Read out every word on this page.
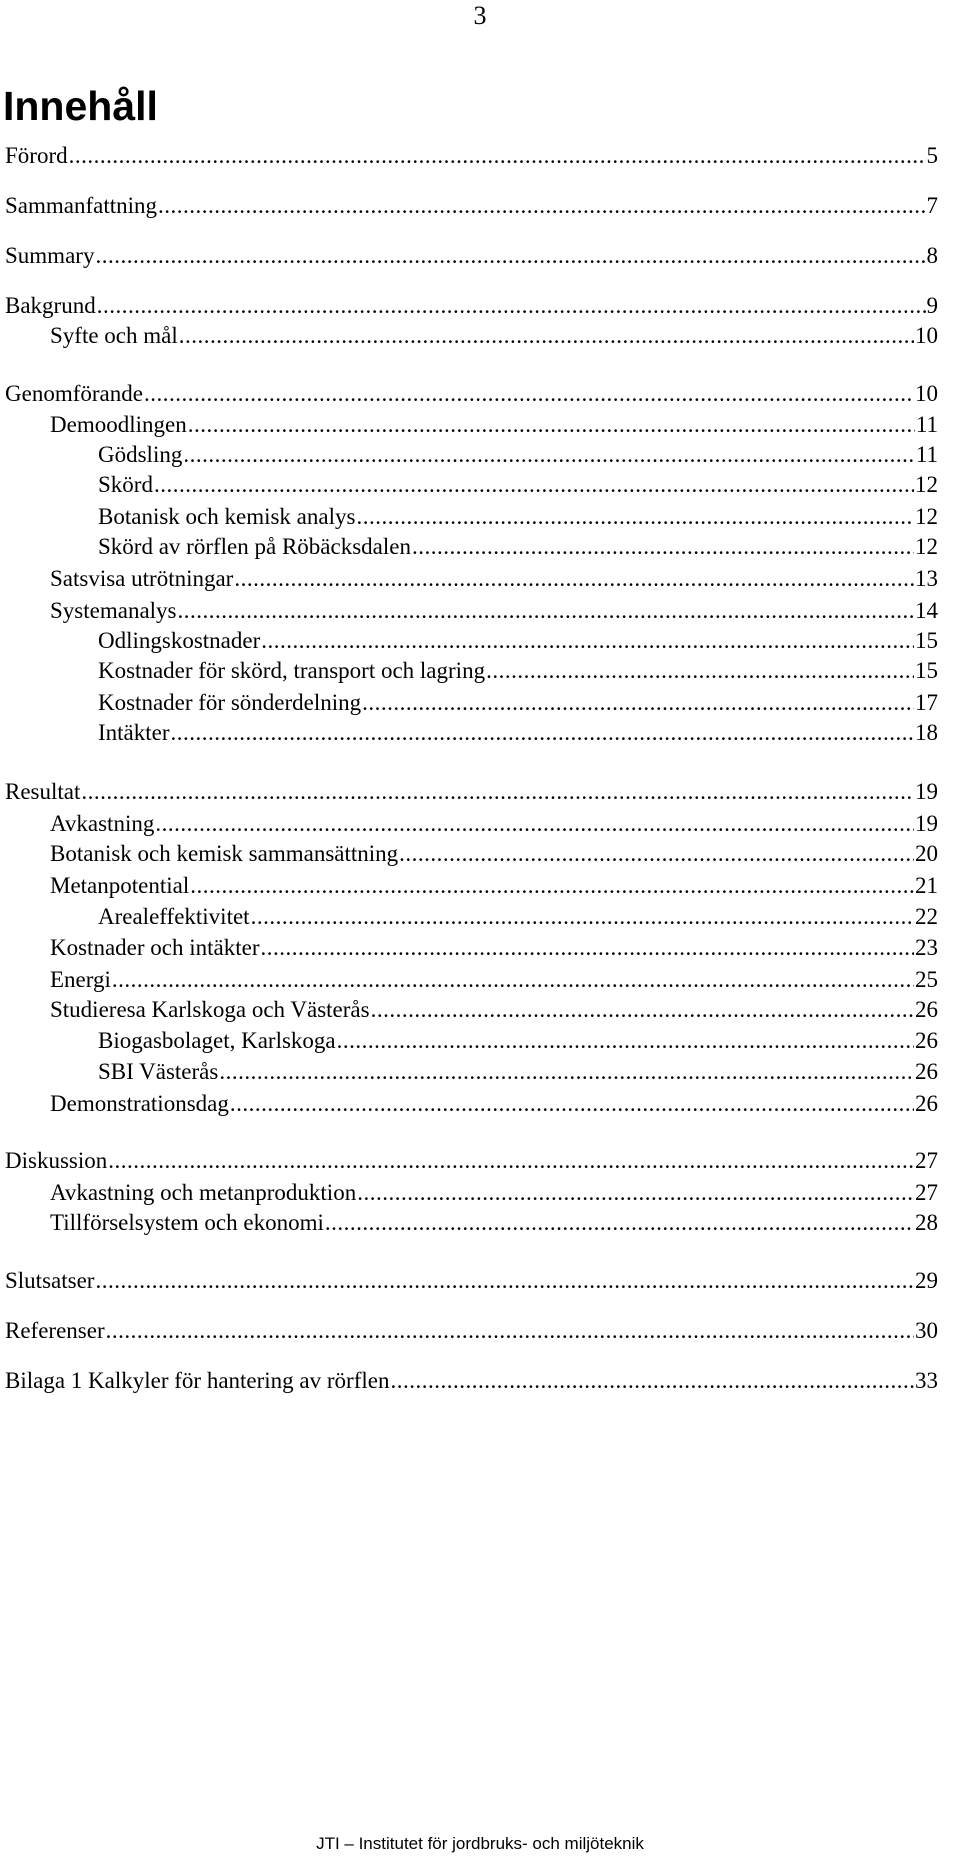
3
Innehåll
Förord .....	5
Sammanfattning .....	7
Summary .....	8
Bakgrund .....	9
Syfte och mål .....	10
Genomförande .....	10
Demoodlingen .....	11
Gödsling .....	11
Skörd .....	12
Botanisk och kemisk analys .....	12
Skörd av rörflen på Röbäcksdalen .....	12
Satsvisa utrötningar .....	13
Systemanalys .....	14
Odlingskostnader .....	15
Kostnader för skörd, transport och lagring .....	15
Kostnader för sönderdelning .....	17
Intäkter .....	18
Resultat .....	19
Avkastning .....	19
Botanisk och kemisk sammansättning .....	20
Metanpotential .....	21
Arealeffektivitet .....	22
Kostnader och intäkter .....	23
Energi .....	25
Studieresa Karlskoga och Västerås .....	26
Biogasbolaget, Karlskoga .....	26
SBI Västerås .....	26
Demonstrationsdag .....	26
Diskussion .....	27
Avkastning och metanproduktion .....	27
Tillförselsystem och ekonomi .....	28
Slutsatser .....	29
Referenser .....	30
Bilaga 1 Kalkyler för hantering av rörflen .....	33
JTI – Institutet för jordbruks- och miljöteknik
